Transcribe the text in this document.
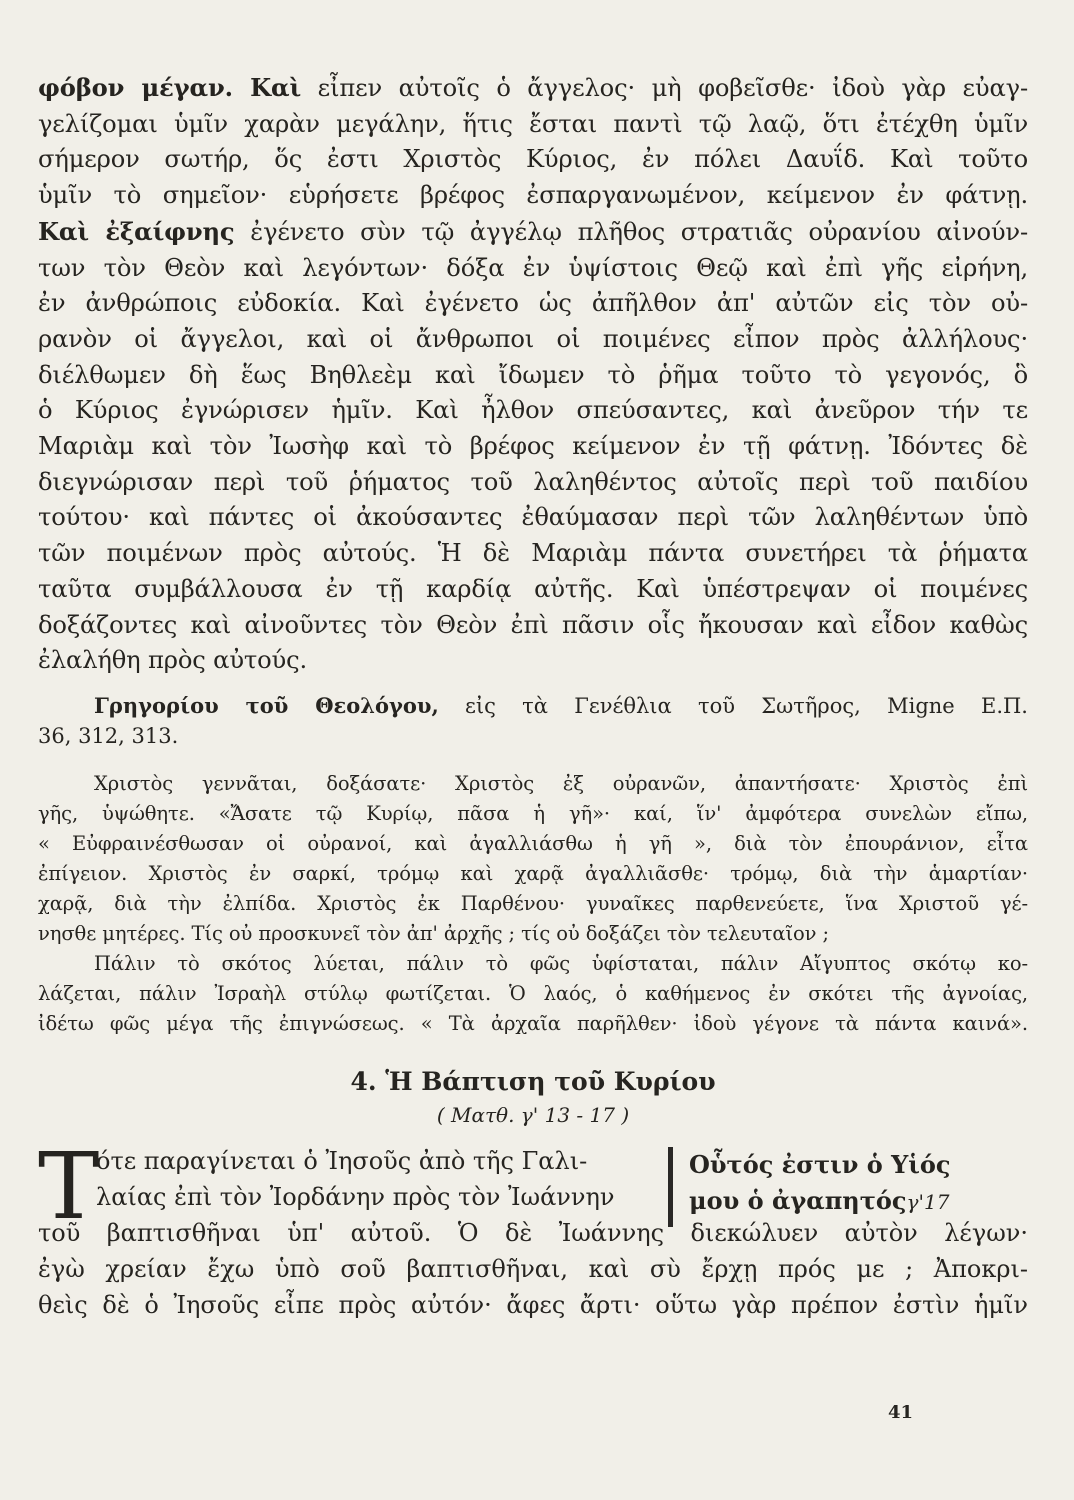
φόβον μέγαν. Καὶ εἶπεν αὐτοῖς ὁ ἄγγελος· μὴ φοβεῖσθε· ἰδοὺ γὰρ εὐαγ-
γελίζομαι ὑμῖν χαρὰν μεγάλην, ἥτις ἔσται παντὶ τῷ λαῷ, ὅτι ἐτέχθη ὑμῖν
σήμερον σωτήρ, ὅς ἐστι Χριστὸς Κύριος, ἐν πόλει Δαυΐδ. Καὶ τοῦτο
ὑμῖν τὸ σημεῖον· εὑρήσετε βρέφος ἐσπαργανωμένον, κείμενον ἐν φάτνῃ.
Καὶ ἐξαίφνης ἐγένετο σὺν τῷ ἀγγέλῳ πλῆθος στρατιᾶς οὐρανίου αἰνούν-
των τὸν Θεὸν καὶ λεγόντων· δόξα ἐν ὑψίστοις Θεῷ καὶ ἐπὶ γῆς εἰρήνη,
ἐν ἀνθρώποις εὐδοκία. Καὶ ἐγένετο ὡς ἀπῆλθον ἀπ' αὐτῶν εἰς τὸν οὐ-
ρανὸν οἱ ἄγγελοι, καὶ οἱ ἄνθρωποι οἱ ποιμένες εἶπον πρὸς ἀλλήλους·
διέλθωμεν δὴ ἕως Βηθλεὲμ καὶ ἴδωμεν τὸ ῥῆμα τοῦτο τὸ γεγονός, ὃ
ὁ Κύριος ἐγνώρισεν ἡμῖν. Καὶ ἦλθον σπεύσαντες, καὶ ἀνεῦρον τήν τε
Μαριὰμ καὶ τὸν Ἰωσὴφ καὶ τὸ βρέφος κείμενον ἐν τῇ φάτνῃ. Ἰδόντες δὲ
διεγνώρισαν περὶ τοῦ ῥήματος τοῦ λαληθέντος αὐτοῖς περὶ τοῦ παιδίου
τούτου· καὶ πάντες οἱ ἀκούσαντες ἐθαύμασαν περὶ τῶν λαληθέντων ὑπὸ
τῶν ποιμένων πρὸς αὐτούς. Ἡ δὲ Μαριὰμ πάντα συνετήρει τὰ ῥήματα
ταῦτα συμβάλλουσα ἐν τῇ καρδίᾳ αὐτῆς. Καὶ ὑπέστρεψαν οἱ ποιμένες
δοξάζοντες καὶ αἰνοῦντες τὸν Θεὸν ἐπὶ πᾶσιν οἷς ἤκουσαν καὶ εἶδον καθὼς
ἐλαλήθη πρὸς αὐτούς.
Γρηγορίου τοῦ Θεολόγου, εἰς τὰ Γενέθλια τοῦ Σωτῆρος, Migne Ε.Π.
36, 312, 313.
Χριστὸς γεννᾶται, δοξάσατε· Χριστὸς ἐξ οὐρανῶν, ἀπαντήσατε· Χριστὸς ἐπὶ
γῆς, ὑψώθητε. «Ἄσατε τῷ Κυρίῳ, πᾶσα ἡ γῆ»· καί, ἵν' ἀμφότερα συνελὼν εἴπω,
« Εὐφραινέσθωσαν οἱ οὐρανοί, καὶ ἀγαλλιάσθω ἡ γῆ », διὰ τὸν ἐπουράνιον, εἶτα
ἐπίγειον. Χριστὸς ἐν σαρκί, τρόμῳ καὶ χαρᾷ ἀγαλλιᾶσθε· τρόμῳ, διὰ τὴν ἁμαρτίαν·
χαρᾷ, διὰ τὴν ἐλπίδα. Χριστὸς ἐκ Παρθένου· γυναῖκες παρθενεύετε, ἵνα Χριστοῦ γέ-
νησθε μητέρες. Τίς οὐ προσκυνεῖ τὸν ἀπ' ἀρχῆς ; τίς οὐ δοξάζει τὸν τελευταῖον ;
Πάλιν τὸ σκότος λύεται, πάλιν τὸ φῶς ὑφίσταται, πάλιν Αἴγυπτος σκότῳ κο-
λάζεται, πάλιν Ἰσραὴλ στύλῳ φωτίζεται. Ὁ λαός, ὁ καθήμενος ἐν σκότει τῆς ἀγνοίας,
ἰδέτω φῶς μέγα τῆς ἐπιγνώσεως. « Τὰ ἀρχαῖα παρῆλθεν· ἰδοὺ γέγονε τὰ πάντα καινά».
4. Ἡ Βάπτιση τοῦ Κυρίου
( Ματθ. γ' 13 - 17 )
Τ	Οὗτός ἐστιν ὁ Υἱός
μου ὁ ἀγαπητόςγ'17
ότε παραγίνεται ὁ Ἰησοῦς ἀπὸ τῆς Γαλι-
λαίας ἐπὶ τὸν Ἰορδάνην πρὸς τὸν Ἰωάννην
τοῦ βαπτισθῆναι ὑπ' αὐτοῦ. Ὁ δὲ Ἰωάννης διεκώλυεν αὐτὸν λέγων·
ἐγὼ χρείαν ἔχω ὑπὸ σοῦ βαπτισθῆναι, καὶ σὺ ἔρχῃ πρός με ; Ἀποκρι-
θεὶς δὲ ὁ Ἰησοῦς εἶπε πρὸς αὐτόν· ἄφες ἄρτι· οὕτω γὰρ πρέπον ἐστὶν ἡμῖν
41
